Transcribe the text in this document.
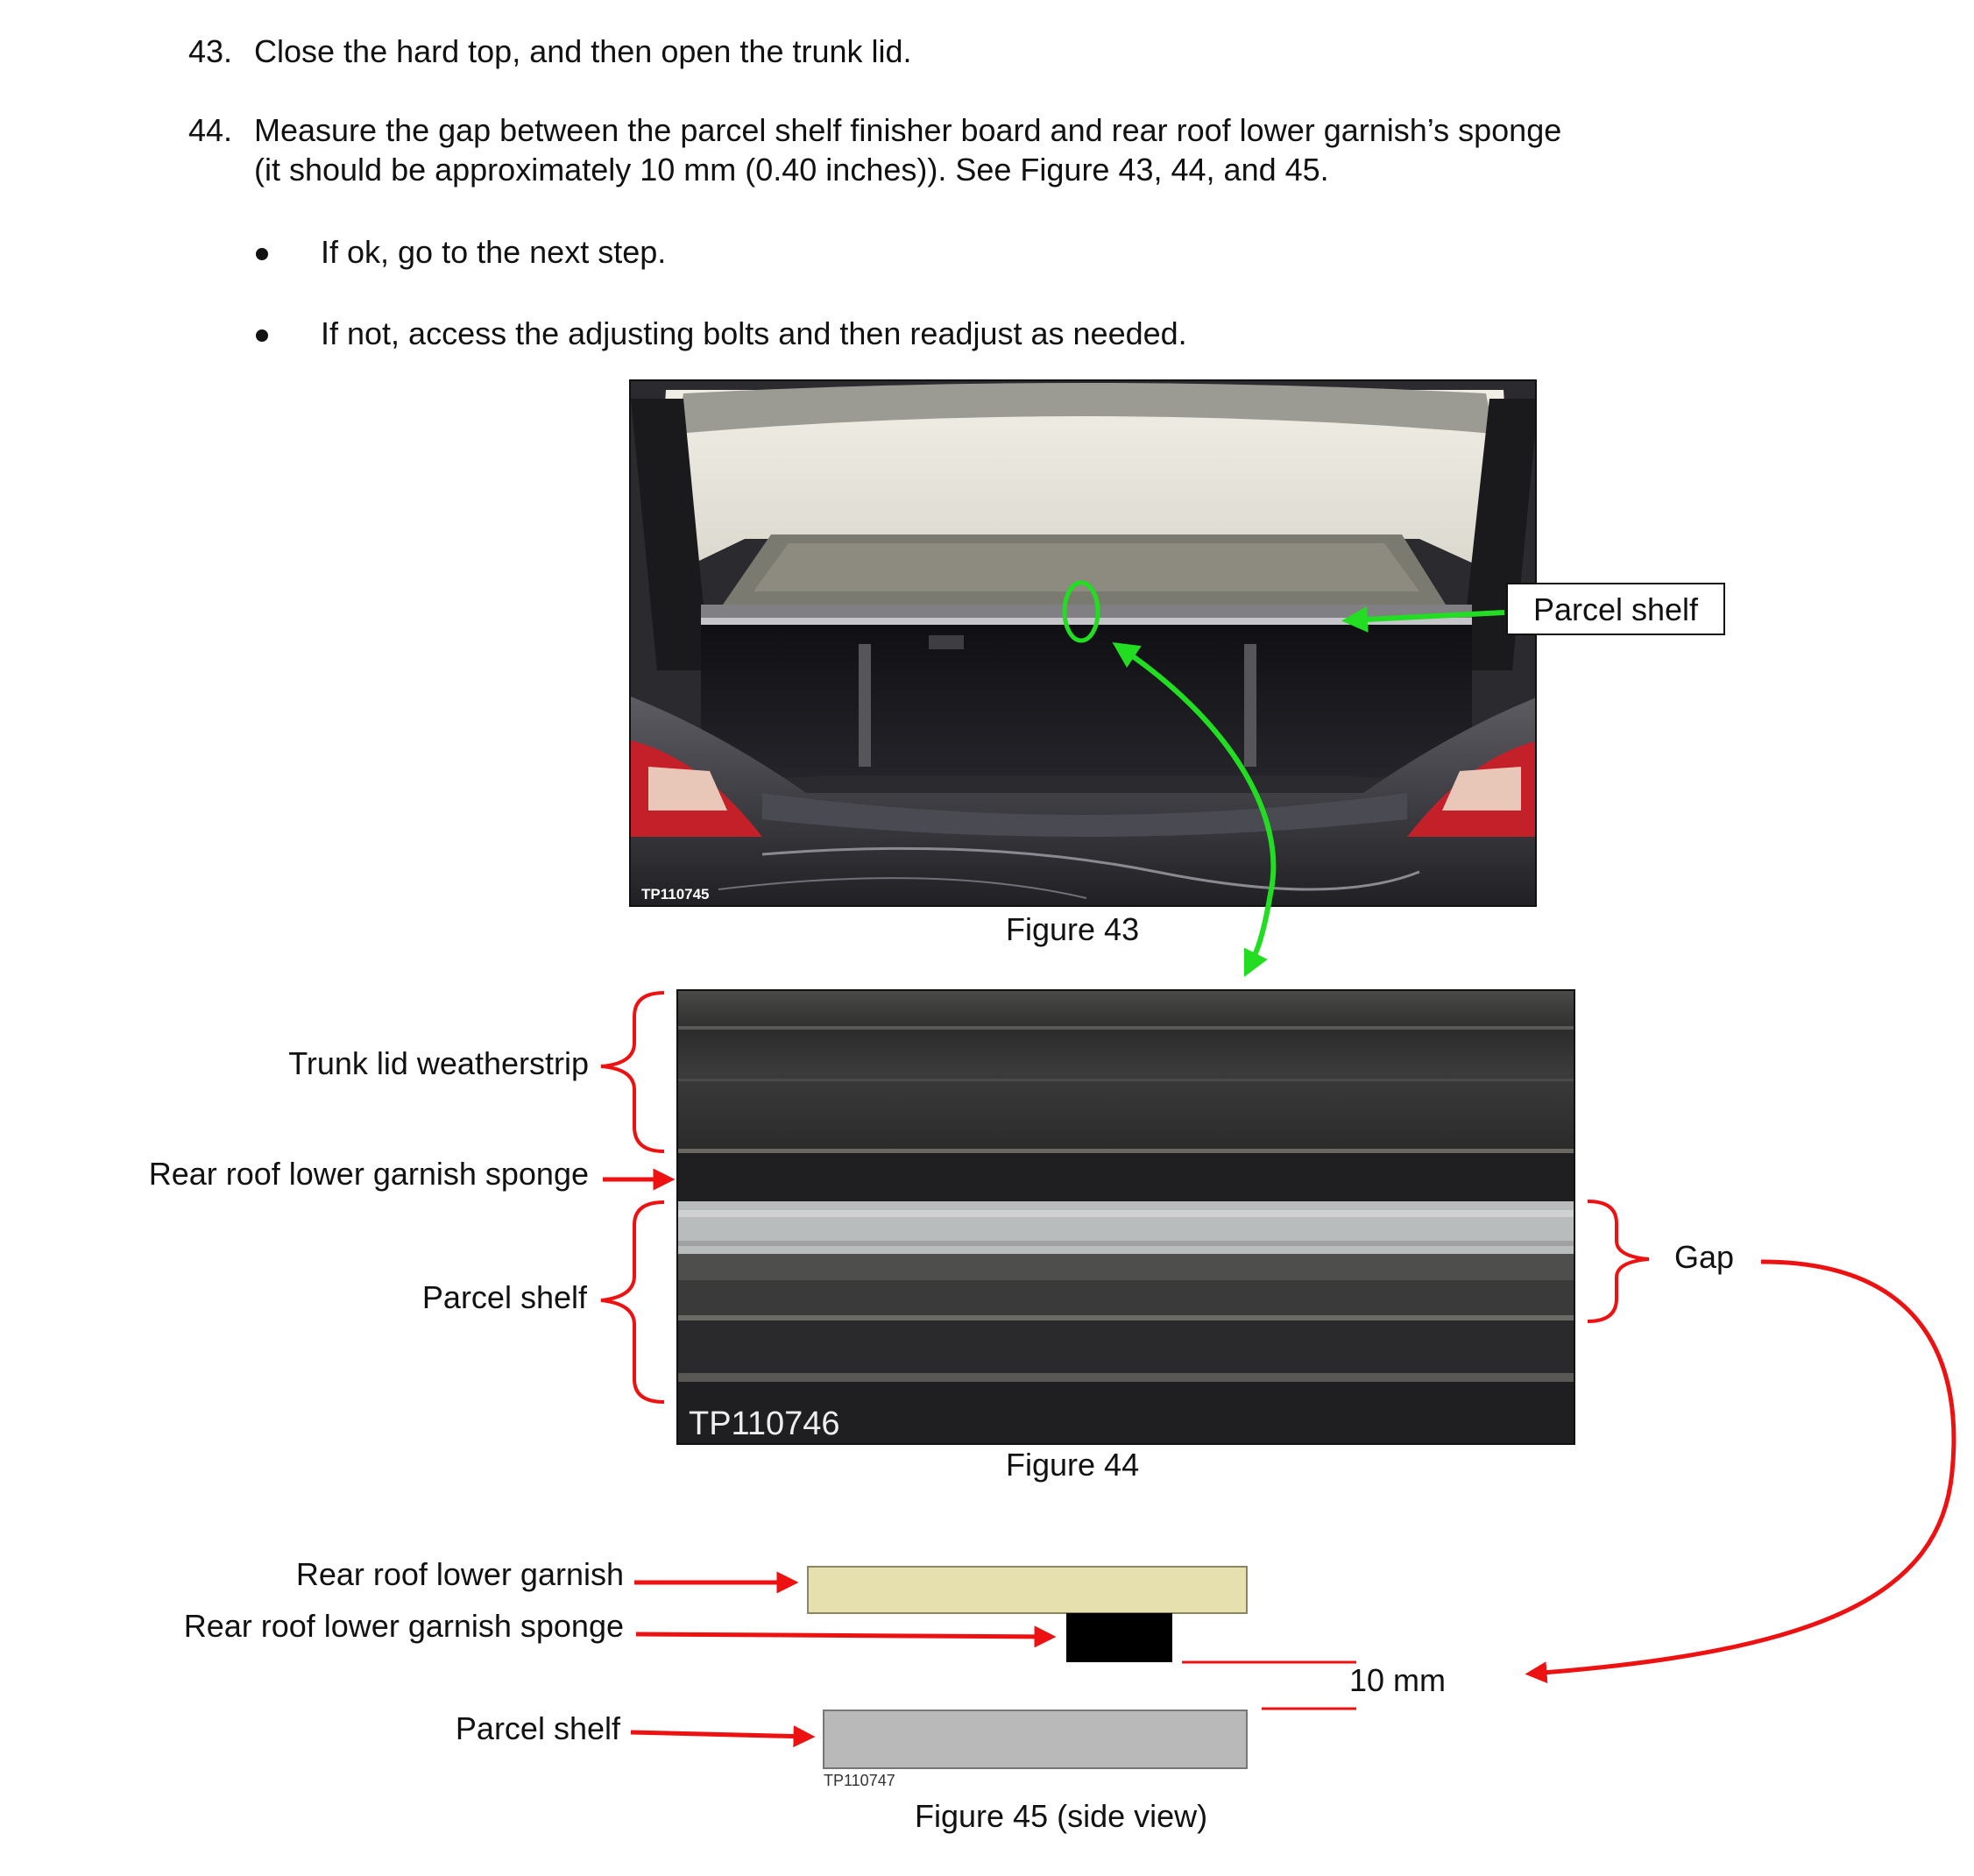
43. Close the hard top, and then open the trunk lid.
44. Measure the gap between the parcel shelf finisher board and rear roof lower garnish’s sponge
(it should be approximately 10 mm (0.40 inches)). See Figure 43, 44, and 45.
If ok, go to the next step.
If not, access the adjusting bolts and then readjust as needed.
TP110745
Figure 43
Parcel shelf
TP110746
Figure 44
Trunk lid weatherstrip
Rear roof lower garnish sponge
Parcel shelf
Gap
TP110747
Figure 45 (side view)
Rear roof lower garnish
Rear roof lower garnish sponge
Parcel shelf
10 mm
